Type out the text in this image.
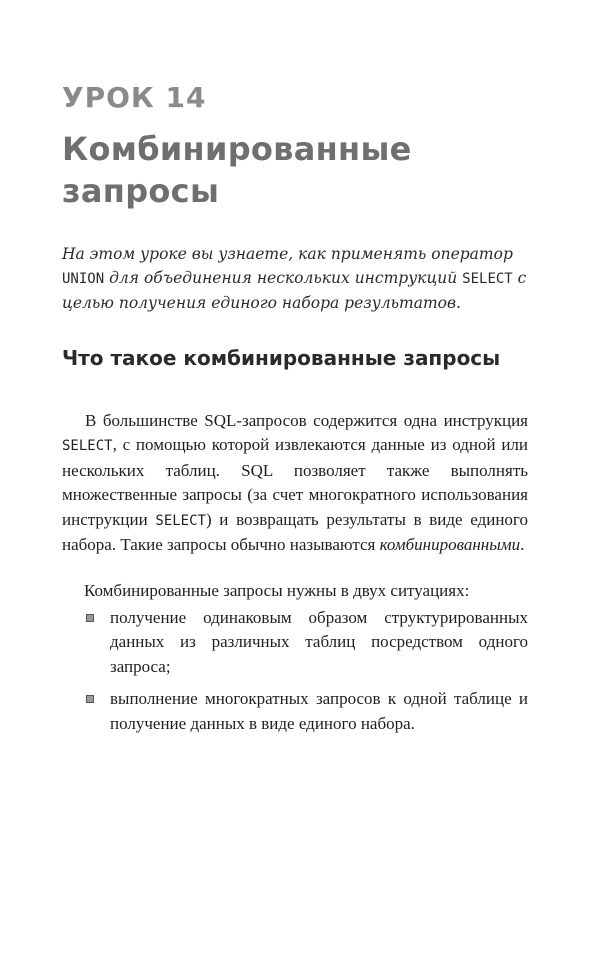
УРОК 14
Комбинированные запросы

На этом уроке вы узнаете, как применять оператор UNION для объединения нескольких инструкций SELECT с целью получения единого набора результатов.

Что такое комбинированные запросы

В большинстве SQL-запросов содержится одна инструкция SELECT, с помощью которой извлекаются данные из одной или нескольких таблиц. SQL позволяет также выполнять множественные запросы (за счет многократного использования инструкции SELECT) и возвращать результаты в виде единого набора. Такие запросы обычно называются комбинированными.

Комбинированные запросы нужны в двух ситуациях:

получение одинаковым образом структурированных данных из различных таблиц посредством одного запроса;
выполнение многократных запросов к одной таблице и получение данных в виде единого набора.
